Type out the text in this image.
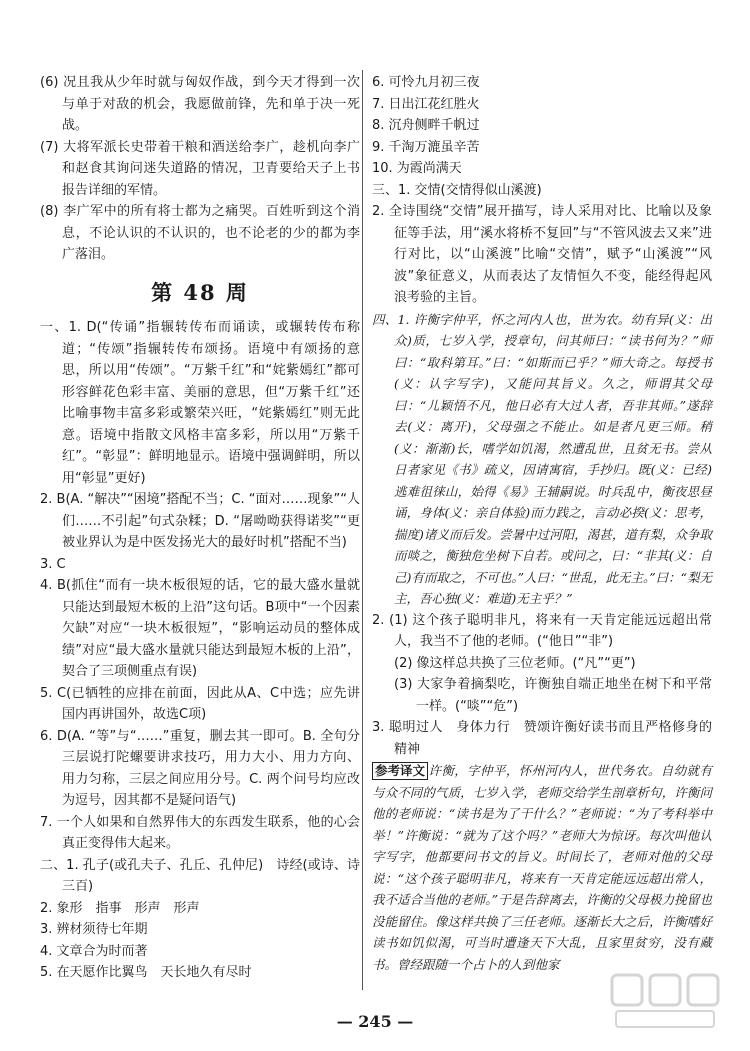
(6) 况且我从少年时就与匈奴作战，到今天才得到一次与单于对敌的机会，我愿做前锋，先和单于决一死战。

(7) 大将军派长史带着干粮和酒送给李广，趁机向李广和赵食其询问迷失道路的情况，卫青要给天子上书报告详细的军情。

(8) 李广军中的所有将士都为之痛哭。百姓听到这个消息，不论认识的不认识的，也不论老的少的都为李广落泪。

第 48 周

一、1. D(“传诵”指辗转传布而诵读，或辗转传布称道；“传颂”指辗转传布颂扬。语境中有颂扬的意思，所以用“传颂”。“万紫千红”和“姹紫嫣红”都可形容鲜花色彩丰富、美丽的意思，但“万紫千红”还比喻事物丰富多彩或繁荣兴旺，“姹紫嫣红”则无此意。语境中指散文风格丰富多彩，所以用“万紫千红”。“彰显”：鲜明地显示。语境中强调鲜明，所以用“彰显”更好)

2. B(A. “解决”“困境”搭配不当；C. “面对……现象”“人们……不引起”句式杂糅；D. “屠呦呦获得诺奖”“更被业界认为是中医发扬光大的最好时机”搭配不当)

3. C

4. B(抓住“而有一块木板很短的话，它的最大盛水量就只能达到最短木板的上沿”这句话。B项中“一个因素欠缺”对应“一块木板很短”，“影响运动员的整体成绩”对应“最大盛水量就只能达到最短木板的上沿”，契合了三项侧重点有误)

5. C(已牺牲的应排在前面，因此从A、C中选；应先讲国内再讲国外，故选C项)

6. D(A. “等”与“……”重复，删去其一即可。B. 全句分三层说打陀螺要讲求技巧，用力大小、用力方向、用力匀称，三层之间应用分号。C. 两个问号均应改为逗号，因其都不是疑问语气)

7. 一个人如果和自然界伟大的东西发生联系，他的心会真正变得伟大起来。

二、1. 孔子(或孔夫子、孔丘、孔仲尼)　诗经(或诗、诗三百)

2. 象形　指事　形声　形声

3. 辨材须待七年期

4. 文章合为时而著

5. 在天愿作比翼鸟　天长地久有尽时

6. 可怜九月初三夜

7. 日出江花红胜火

8. 沉舟侧畔千帆过

9. 千淘万漉虽辛苦

10. 为霞尚满天

三、1. 交情(交情得似山溪渡)

2. 全诗围绕“交情”展开描写，诗人采用对比、比喻以及象征等手法，用“溪水将桥不复回”与“不管风波去又来”进行对比，以“山溪渡”比喻“交情”，赋予“山溪渡”“风波”象征意义，从而表达了友情恒久不变，能经得起风浪考验的主旨。

四、1. 许衡字仲平，怀之河内人也，世为农。幼有异(义：出众)质，七岁入学，授章句，问其师曰：“读书何为？”师曰：“取科第耳。”曰：“如斯而已乎？”师大奇之。每授书(义：认字写字)，又能问其旨义。久之，师谓其父母曰：“儿颖悟不凡，他日必有大过人者，吾非其师。”遂辞去(义：离开)，父母强之不能止。如是者凡更三师。稍(义：渐渐)长，嗜学如饥渴，然遭乱世，且贫无书。尝从日者家见《书》疏义，因请寓宿，手抄归。既(义：已经)逃难徂徕山，始得《易》王辅嗣说。时兵乱中，衡夜思昼诵，身体(义：亲自体验)而力践之，言动必揆(义：思考，揣度)诸义而后发。尝暑中过河阳，渴甚，道有梨，众争取而啖之，衡独危坐树下自若。或问之，曰：“非其(义：自己)有而取之，不可也。”人曰：“世乱，此无主。”曰：“梨无主，吾心独(义：难道)无主乎？”

2. (1) 这个孩子聪明非凡，将来有一天肯定能远远超出常人，我当不了他的老师。(“他日”“非”)

(2) 像这样总共换了三位老师。(“凡”“更”)

(3) 大家争着摘梨吃，许衡独自端正地坐在树下和平常一样。(“啖”“危”)

3. 聪明过人　身体力行　赞颂许衡好读书而且严格修身的精神

参考译文 许衡，字仲平，怀州河内人，世代务农。自幼就有与众不同的气质，七岁入学，老师交给学生剖章析句，许衡问他的老师说：“读书是为了干什么？”老师说：“为了考科举中举！”许衡说：“就为了这个吗？”老师大为惊讶。每次叫他认字写字，他都要问书文的旨义。时间长了，老师对他的父母说：“这个孩子聪明非凡，将来有一天肯定能远远超出常人，我不适合当他的老师。”于是告辞离去，许衡的父母极力挽留也没能留住。像这样共换了三任老师。逐渐长大之后，许衡嗜好读书如饥似渴，可当时遭逢天下大乱，且家里贫穷，没有藏书。曾经跟随一个占卜的人到他家

— 245 —
